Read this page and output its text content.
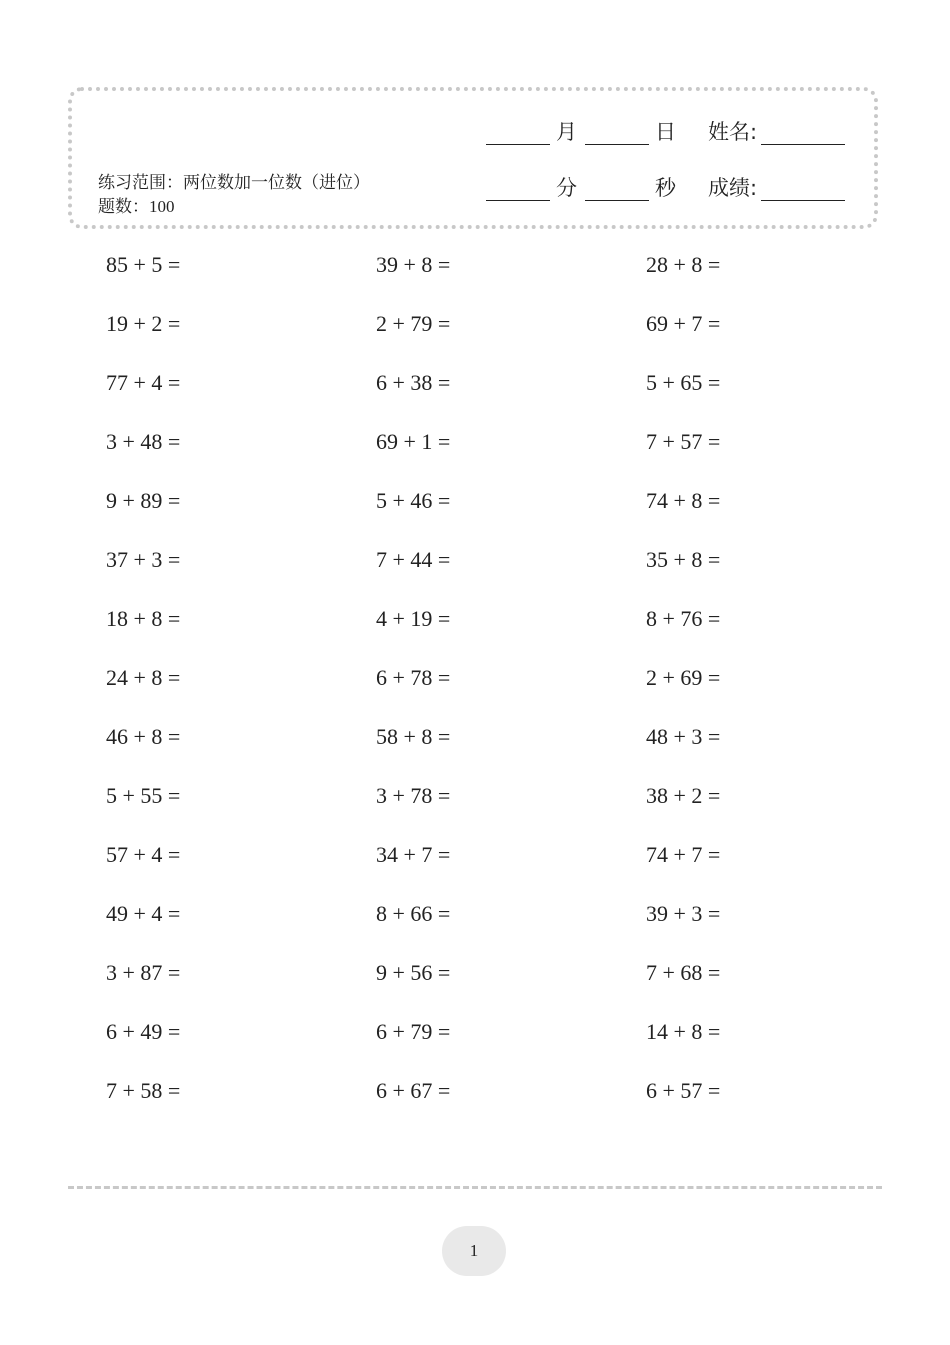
练习范围：两位数加一位数（进位） 题数：100
月	日 姓名:
分	秒 成绩:
85 + 5 =	39 + 8 =	28 + 8 =
19 + 2 =	2 + 79 =	69 + 7 =
77 + 4 =	6 + 38 =	5 + 65 =
3 + 48 =	69 + 1 =	7 + 57 =
9 + 89 =	5 + 46 =	74 + 8 =
37 + 3 =	7 + 44 =	35 + 8 =
18 + 8 =	4 + 19 =	8 + 76 =
24 + 8 =	6 + 78 =	2 + 69 =
46 + 8 =	58 + 8 =	48 + 3 =
5 + 55 =	3 + 78 =	38 + 2 =
57 + 4 =	34 + 7 =	74 + 7 =
49 + 4 =	8 + 66 =	39 + 3 =
3 + 87 =	9 + 56 =	7 + 68 =
6 + 49 =	6 + 79 =	14 + 8 =
7 + 58 =	6 + 67 =	6 + 57 =
1
